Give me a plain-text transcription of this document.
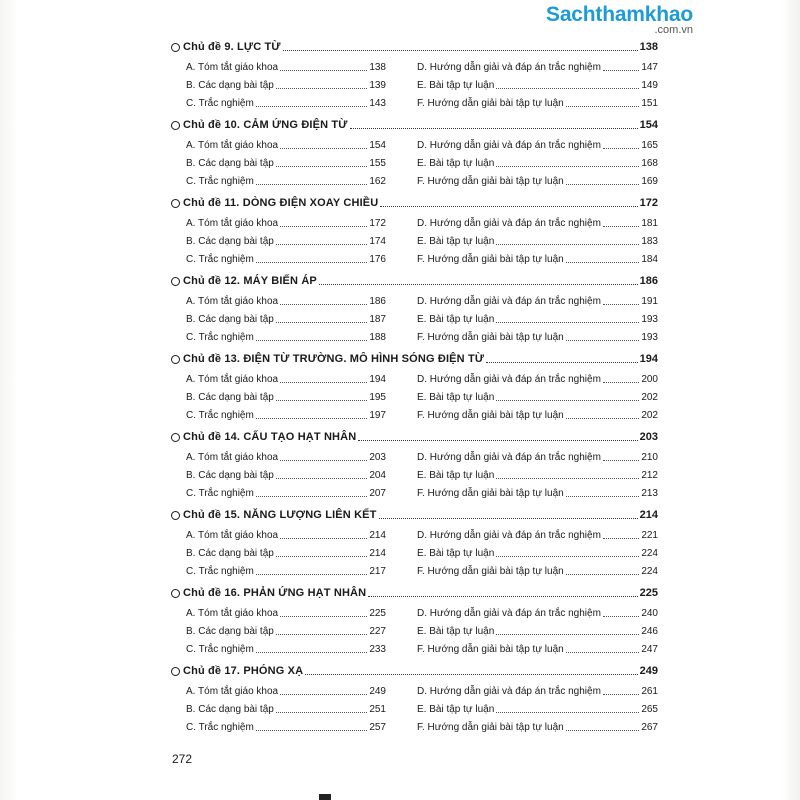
Sachthamkhao
.com.vn
Chủ đề 9. LỰC TỪ	138
A. Tóm tắt giáo khoa	138	D. Hướng dẫn giải và đáp án trắc nghiệm	147
B. Các dạng bài tập	139	E. Bài tập tự luận	149
C. Trắc nghiệm	143	F. Hướng dẫn giải bài tập tự luận	151
Chủ đề 10. CẢM ỨNG ĐIỆN TỪ	154
A. Tóm tắt giáo khoa	154	D. Hướng dẫn giải và đáp án trắc nghiệm	165
B. Các dạng bài tập	155	E. Bài tập tự luận	168
C. Trắc nghiệm	162	F. Hướng dẫn giải bài tập tự luận	169
Chủ đề 11. DÒNG ĐIỆN XOAY CHIỀU	172
A. Tóm tắt giáo khoa	172	D. Hướng dẫn giải và đáp án trắc nghiệm	181
B. Các dạng bài tập	174	E. Bài tập tự luận	183
C. Trắc nghiệm	176	F. Hướng dẫn giải bài tập tự luận	184
Chủ đề 12. MÁY BIẾN ÁP	186
A. Tóm tắt giáo khoa	186	D. Hướng dẫn giải và đáp án trắc nghiệm	191
B. Các dạng bài tập	187	E. Bài tập tự luận	193
C. Trắc nghiệm	188	F. Hướng dẫn giải bài tập tự luận	193
Chủ đề 13. ĐIỆN TỪ TRƯỜNG. MÔ HÌNH SÓNG ĐIỆN TỪ	194
A. Tóm tắt giáo khoa	194	D. Hướng dẫn giải và đáp án trắc nghiệm	200
B. Các dạng bài tập	195	E. Bài tập tự luận	202
C. Trắc nghiệm	197	F. Hướng dẫn giải bài tập tự luận	202
Chủ đề 14. CẤU TẠO HẠT NHÂN	203
A. Tóm tắt giáo khoa	203	D. Hướng dẫn giải và đáp án trắc nghiệm	210
B. Các dạng bài tập	204	E. Bài tập tự luận	212
C. Trắc nghiệm	207	F. Hướng dẫn giải bài tập tự luận	213
Chủ đề 15. NĂNG LƯỢNG LIÊN KẾT	214
A. Tóm tắt giáo khoa	214	D. Hướng dẫn giải và đáp án trắc nghiệm	221
B. Các dạng bài tập	214	E. Bài tập tự luận	224
C. Trắc nghiệm	217	F. Hướng dẫn giải bài tập tự luận	224
Chủ đề 16. PHẢN ỨNG HẠT NHÂN	225
A. Tóm tắt giáo khoa	225	D. Hướng dẫn giải và đáp án trắc nghiệm	240
B. Các dạng bài tập	227	E. Bài tập tự luận	246
C. Trắc nghiệm	233	F. Hướng dẫn giải bài tập tự luận	247
Chủ đề 17. PHÓNG XẠ	249
A. Tóm tắt giáo khoa	249	D. Hướng dẫn giải và đáp án trắc nghiệm	261
B. Các dạng bài tập	251	E. Bài tập tự luận	265
C. Trắc nghiệm	257	F. Hướng dẫn giải bài tập tự luận	267
272
